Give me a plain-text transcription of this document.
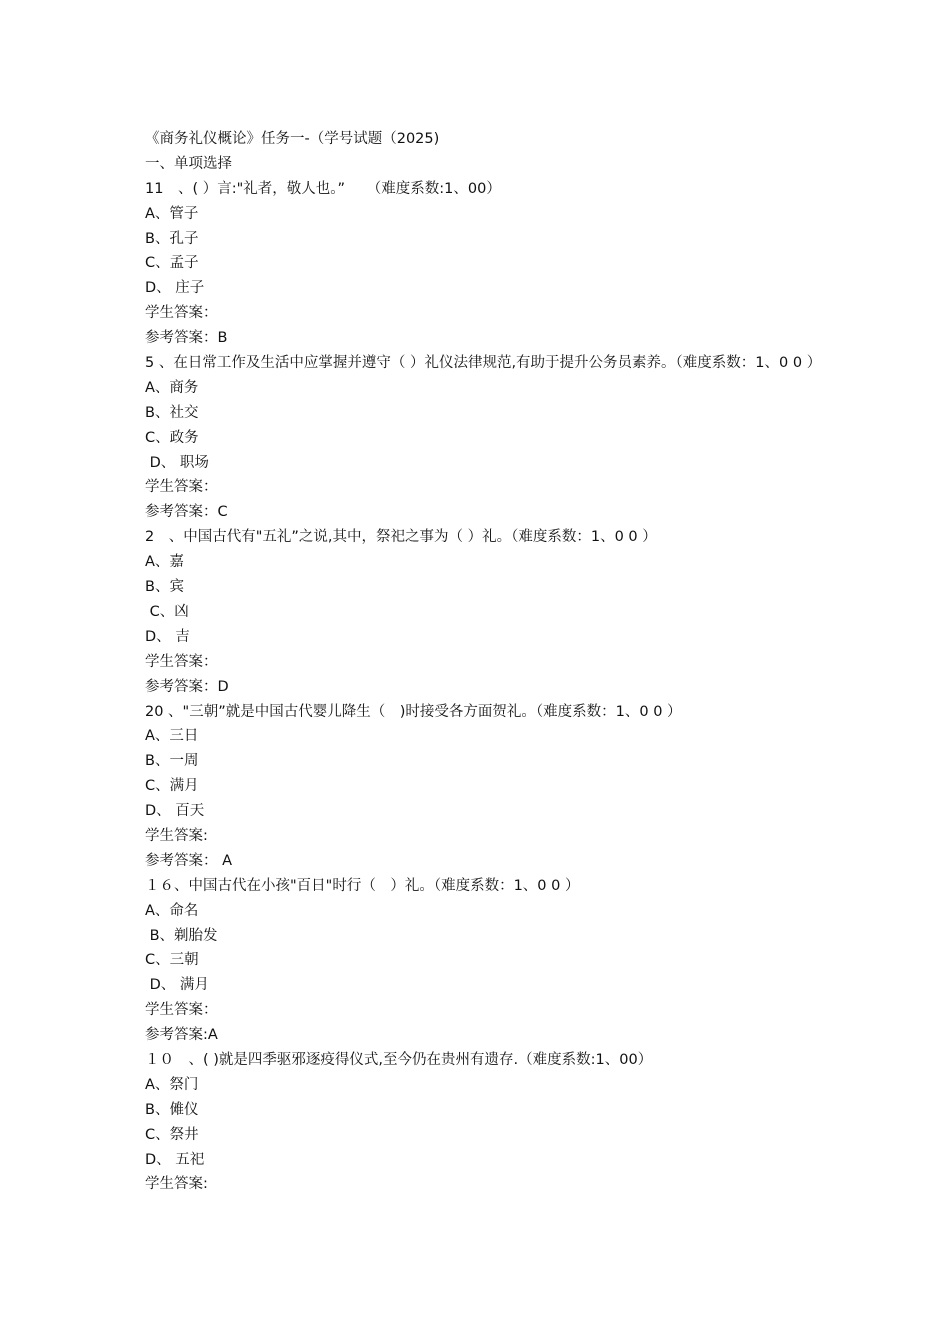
《商务礼仪概论》任务一-（学号试题（2025)
一、单项选择
11　、( ）言:"礼者，敬人也。”　　（难度系数:1、00）
A、管子
B、孔子
C、孟子
D、 庄子
学生答案：
参考答案：B
5 、在日常工作及生活中应掌握并遵守（ ）礼仪法律规范,有助于提升公务员素养。（难度系数：1、0 0 ）
A、商务
B、社交
C、政务
D、 职场
学生答案：
参考答案：C
2　、中国古代有"五礼”之说,其中，祭祀之事为（ ）礼。（难度系数：1、0 0 ）
A、嘉
B、宾
C、凶
D、 吉
学生答案：
参考答案：D
20 、"三朝”就是中国古代婴儿降生（　)时接受各方面贺礼。（难度系数：1、0 0 ）
A、三日
B、一周
C、满月
D、 百天
学生答案:
参考答案： A
１６、中国古代在小孩"百日"时行（　）礼。（难度系数：1、0 0 ）
A、命名
B、剃胎发
C、三朝
D、 满月
学生答案：
参考答案:A
１０　、( )就是四季驱邪逐疫得仪式,至今仍在贵州有遗存.（难度系数:1、00）
A、祭门
B、傩仪
C、祭井
D、 五祀
学生答案:
